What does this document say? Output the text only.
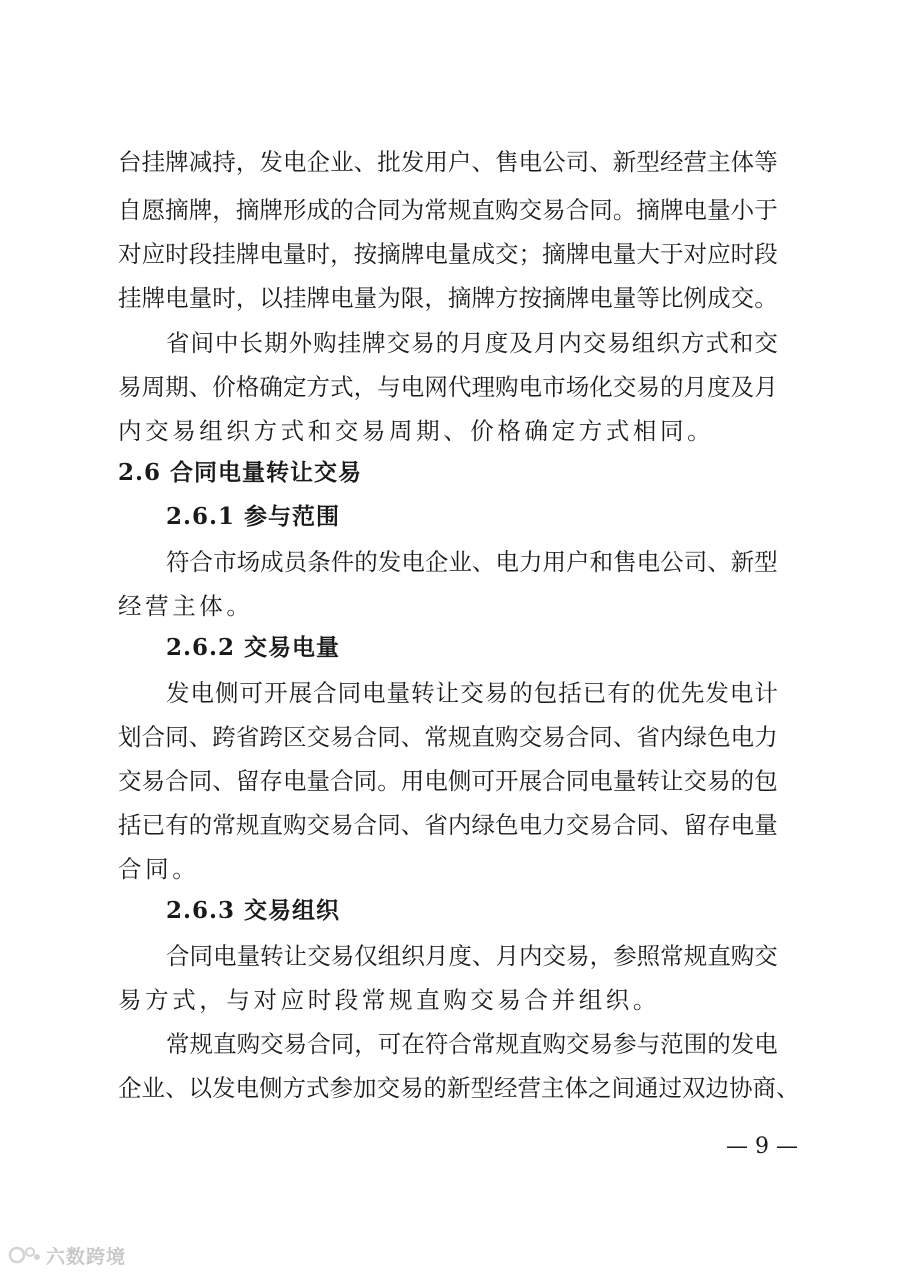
台 挂 牌 减 持 ， 发 电 企 业 、 批 发 用 户 、 售 电 公 司 、 新 型 经 营 主 体 等
自 愿 摘 牌 ， 摘 牌 形 成 的 合 同 为 常 规 直 购 交 易 合 同 。 摘 牌 电 量 小 于
对 应 时 段 挂 牌 电 量 时 ， 按 摘 牌 电 量 成 交 ； 摘 牌 电 量 大 于 对 应 时 段
挂 牌 电 量 时 ， 以 挂 牌 电 量 为 限 ， 摘 牌 方 按 摘 牌 电 量 等 比 例 成 交 。
省 间 中 长 期 外 购 挂 牌 交 易 的 月 度 及 月 内 交 易 组 织 方 式 和 交
易 周 期 、 价 格 确 定 方 式 ， 与 电 网 代 理 购 电 市 场 化 交 易 的 月 度 及 月
内交易组织方式和交易周期、价格确定方式相同。
2.6 合同电量转让交易
2.6.1 参与范围
符 合 市 场 成 员 条 件 的 发 电 企 业 、 电 力 用 户 和 售 电 公 司 、 新 型
经营主体。
2.6.2 交易电量
发 电 侧 可 开 展 合 同 电 量 转 让 交 易 的 包 括 已 有 的 优 先 发 电 计
划 合 同 、 跨 省 跨 区 交 易 合 同 、 常 规 直 购 交 易 合 同 、 省 内 绿 色 电 力
交 易 合 同 、 留 存 电 量 合 同 。 用 电 侧 可 开 展 合 同 电 量 转 让 交 易 的 包
括 已 有 的 常 规 直 购 交 易 合 同 、 省 内 绿 色 电 力 交 易 合 同 、 留 存 电 量
合同。
2.6.3 交易组织
合 同 电 量 转 让 交 易 仅 组 织 月 度 、 月 内 交 易 ， 参 照 常 规 直 购 交
易方式，与对应时段常规直购交易合并组织。
常 规 直 购 交 易 合 同 ， 可 在 符 合 常 规 直 购 交 易 参 与 范 围 的 发 电
企 业 、 以 发 电 侧 方 式 参 加 交 易 的 新 型 经 营 主 体 之 间 通 过 双 边 协 商 、
— 9 —
六数跨境
